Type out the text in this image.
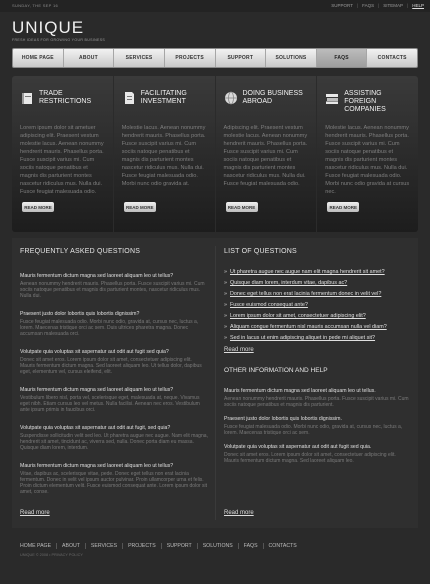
SUNDAY, THE SEP 16	SUPPORT | FAQS | SITEMAP | HELP
UNIQUE
FRESH IDEAS FOR GROWING YOUR BUSINESS
HOME PAGE	ABOUT	SERVICES	PROJECTS	SUPPORT	SOLUTIONS	FAQS	CONTACTS
TRADE
RESTRICTIONS
Lorem ipsum dolor sit ametuer adipiscing elit. Praesent vestum molestie lacus. Aenean nonummy hendrerit mauris. Phasellus porta. Fusce suscipit varius mi. Cum sociis natoque penatibus et magnis dis parturient montes nascetur ridiculus mus. Nulla dui. Fusce feugiat malesuada odio.
READ MORE
FACILITATING
INVESTMENT
Molestie lacus. Aenean nonummy hendrerit mauris. Phasellus porta. Fusce suscipit varius mi. Cum sociis natoque penatibus et magnis dis parturient montes nascetur ridiculus mus. Nulla dui. Fusce feugiat malesuada odio. Morbi nunc odio gravida at.
READ MORE
DOING BUSINESS
ABROAD
Adipiscing elit. Praesent vestum molestie lacus. Aenean nonummy hendrerit mauris. Phasellus porta. Fusce suscipit varius mi. Cum sociis natoque penatibus et magnis dis parturient montes nascetur ridiculus mus. Nulla dui. Fusce feugiat malesuada odio.
READ MORE
ASSISTING FOREIGN
COMPANIES
Molestie lacus. Aenean nonummy hendrerit mauris. Phasellus porta. Fusce suscipit varius mi. Cum sociis natoque penatibus et magnis dis parturient montes nascetur ridiculus mus. Nulla dui. Fusce feugiat malesuada odio. Morbi nunc odio gravida at cursus nec.
READ MORE
FREQUENTLY ASKED QUESTIONS
Mauris fermentum dictum magna sed laoreet aliquam leo ut tellus?
Aenean nonummy hendrerit mauris. Phasellus porta. Fusce suscipit varius mi. Cum sociis natoque penatibus et magnis dis parturient montes, nascetur ridiculus mus. Nulla dui.
Praesent justo dolor lobortis quis lobortis dignissim?
Fusce feugiat malesuada odio. Morbi nunc odio, gravida at, cursus nec, luctus a, lorem. Maecenas tristique orci ac sem. Duis ultrices pharetra magna. Donec accumsan malesuada orci.
Volutpate quia voluptas sit aspernatur aut odit aut fugit sed quia?
Donec sit amet eros. Lorem ipsum dolor sit amet, consectetuer adipiscing elit. Mauris fermentum dictum magna. Sed laoreet aliquam leo. Ut tellus dolor, dapibus eget, elementum vel, cursus eleifend, elit.
Mauris fermentum dictum magna sed laoreet aliquam leo ut tellus?
Vestibulum libero nisl, porta vel, scelerisque eget, malesuada at, neque. Vivamus eget nibh. Etiam cursus leo vel metus. Nulla facilisi. Aenean nec eros. Vestibulum ante ipsum primis in faucibus orci.
Volutpate quia voluptas sit aspernatur aut odit aut fugit, sed quia?
Suspendisse sollicitudin velit sed leo. Ut pharetra augue nec augue. Nam elit magna, hendrerit sit amet, tincidunt ac, viverra sed, nulla. Donec porta diam eu massa. Quisque diam lorem, interdum.
Mauris fermentum dictum magna sed laoreet aliquam leo ut tellus?
Vitae, dapibus ac, scelerisque vitae, pede. Donec eget tellus non erat lacinia fermentum. Donec in velit vel ipsum auctor pulvinar. Proin ullamcorper urna et felis. Proin dictum elementum velit. Fusce euismod consequat ante. Lorem ipsum dolor sit amet, conse.
Read more
LIST OF QUESTIONS
» Ut pharetra augue nec augue nam elit magna hendrerit sit amet?
» Quisque diam lorem, interdum vitae, dapibus ac?
» Donec eget tellus non erat lacinia fermentum donec in velit vel?
» Fusce euismod consequat ante?
» Lorem ipsum dolor sit amet, consectetuer adipiscing elit?
» Aliquam congue fermentum nisl mauris accumsan nulla vel diam?
» Sed in lacus ut enim adipiscing aliquet in pede mi aliquet sit?
Read more
OTHER INFORMATION AND HELP
Mauris fermentum dictum magna sed laoreet aliquam leo ut tellus.
Aenean nonummy hendrerit mauris. Phasellus porta. Fusce suscipit varius mi. Cum sociis natoque penatibus et magnis dis parturient.
Praesent justo dolor lobortis quis lobortis dignissim.
Fusce feugiat malesuada odio. Morbi nunc odio, gravida at, cursus nec, luctus a, lorem. Maecenas tristique orci ac sem.
Volutpate quia voluptas sit aspernatur aut odit aut fugit sed quia.
Donec sit amet eros. Lorem ipsum dolor sit amet, consectetuer adipiscing elit. Mauris fermentum dictum magna. Sed laoreet aliquam leo.
Read more
HOME PAGE	ABOUT	SERVICES	PROJECTS	SUPPORT	SOLUTIONS	FAQS	CONTACTS
UNIQUE © 2008 • PRIVACY POLICY
